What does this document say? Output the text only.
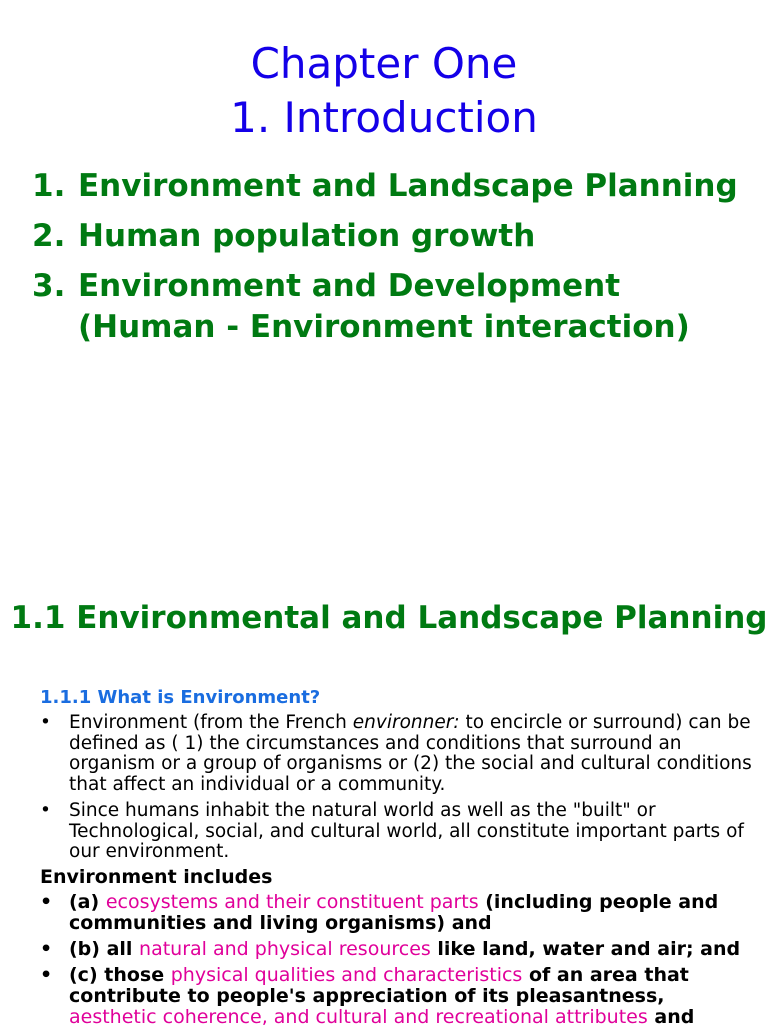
Chapter One
1. Introduction
1. Environment and Landscape Planning
2. Human population growth
3. Environment and Development (Human - Environment interaction)
1.1 Environmental and Landscape Planning
1.1.1 What is Environment?
• Environment (from the French environner: to encircle or surround) can be defined as ( 1) the circumstances and conditions that surround an organism or a group of organisms or (2) the social and cultural conditions that affect an individual or a community.
• Since humans inhabit the natural world as well as the "built" or Technological, social, and cultural world, all constitute important parts of our environment.

Environment includes

• (a) ecosystems and their constituent parts (including people and communities and living organisms) and
• (b) all natural and physical resources like land, water and air; and
• (c) those physical qualities and characteristics of an area that contribute to people's appreciation of its pleasantness, aesthetic coherence, and cultural and recreational attributes and
